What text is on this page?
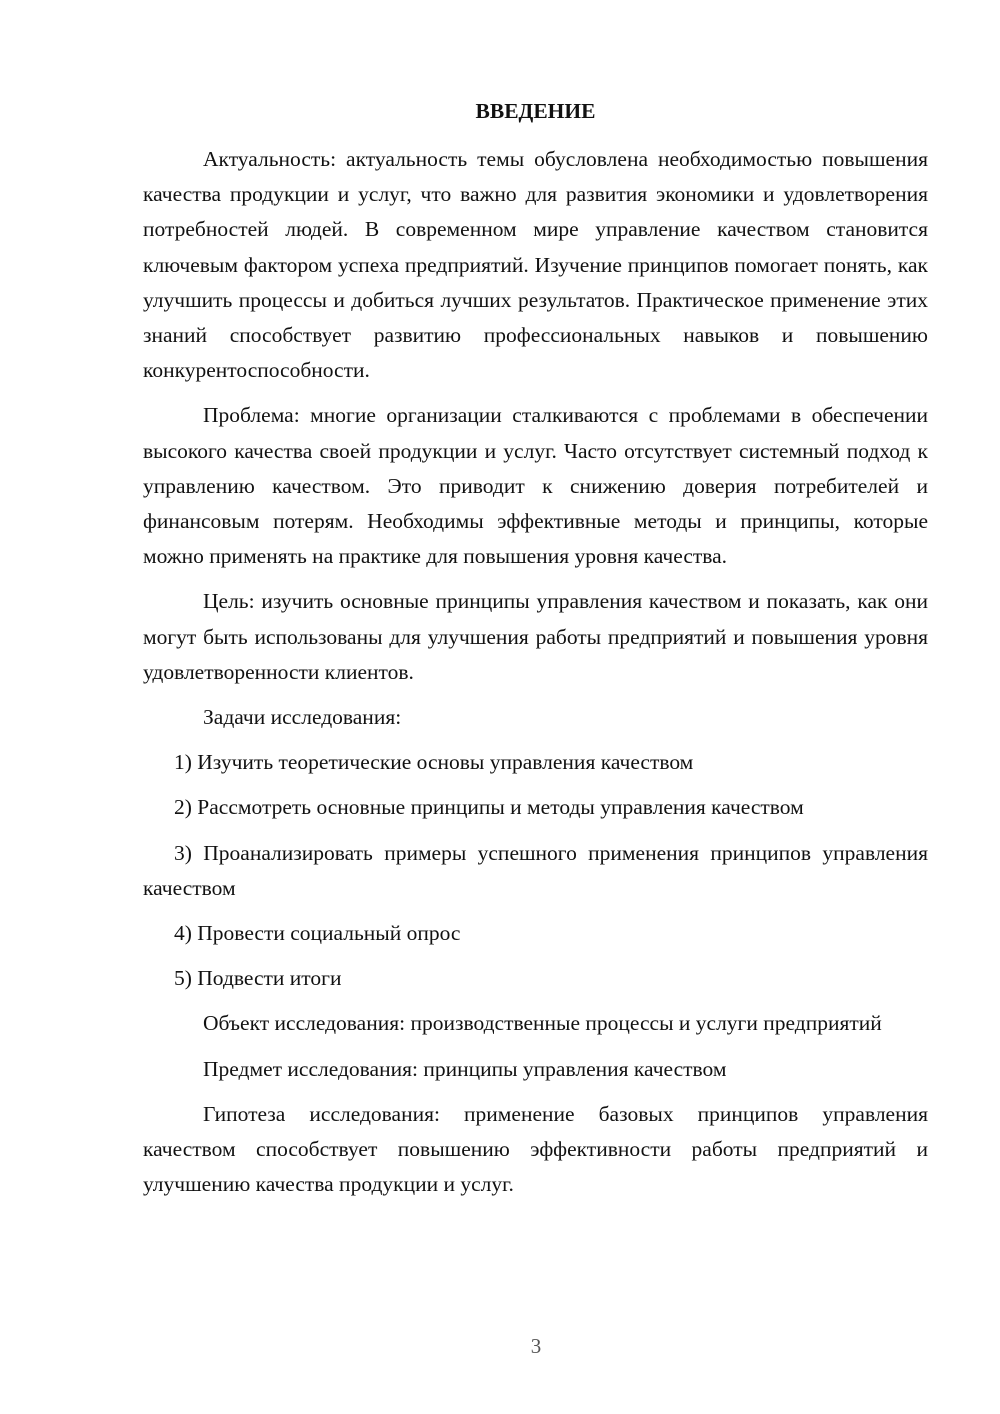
ВВЕДЕНИЕ

Актуальность: актуальность темы обусловлена необходимостью повышения качества продукции и услуг, что важно для развития экономики и удовлетворения потребностей людей. В современном мире управление качеством становится ключевым фактором успеха предприятий. Изучение принципов помогает понять, как улучшить процессы и добиться лучших результатов. Практическое применение этих знаний способствует развитию профессиональных навыков и повышению конкурентоспособности.

Проблема: многие организации сталкиваются с проблемами в обеспечении высокого качества своей продукции и услуг. Часто отсутствует системный подход к управлению качеством. Это приводит к снижению доверия потребителей и финансовым потерям. Необходимы эффективные методы и принципы, которые можно применять на практике для повышения уровня качества.

Цель: изучить основные принципы управления качеством и показать, как они могут быть использованы для улучшения работы предприятий и повышения уровня удовлетворенности клиентов.

Задачи исследования:

1) Изучить теоретические основы управления качеством

2) Рассмотреть основные принципы и методы управления качеством

3) Проанализировать примеры успешного применения принципов управления качеством

4) Провести социальный опрос

5) Подвести итоги

Объект исследования: производственные процессы и услуги предприятий

Предмет исследования: принципы управления качеством

Гипотеза исследования: применение базовых принципов управления качеством способствует повышению эффективности работы предприятий и улучшению качества продукции и услуг.

3
